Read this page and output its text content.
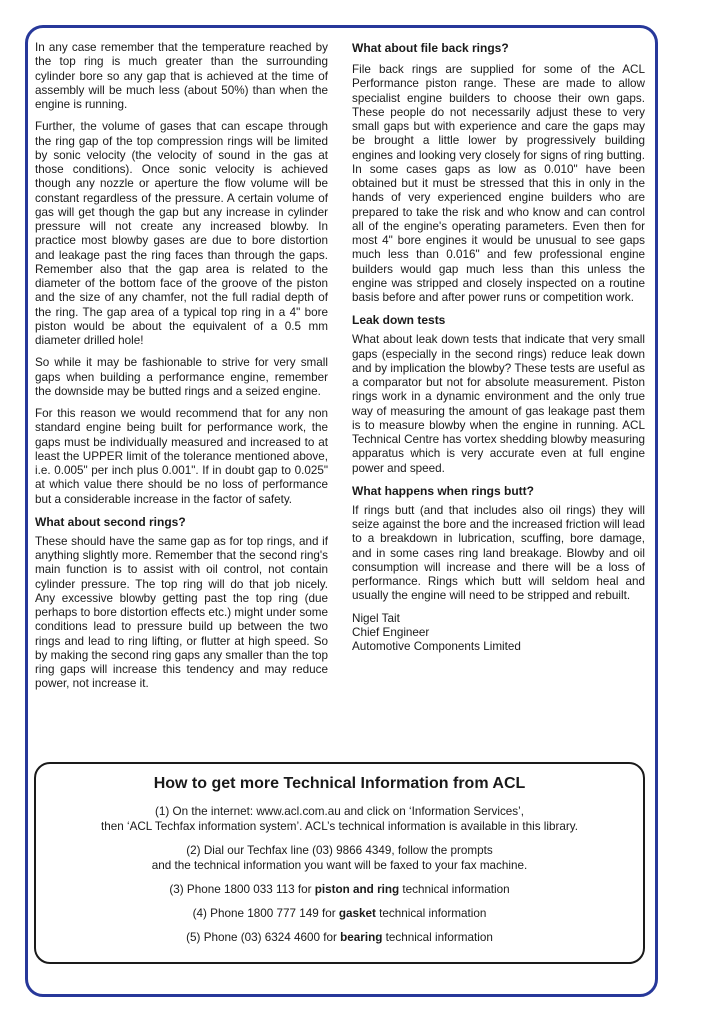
In any case remember that the temperature reached by the top ring is much greater than the surrounding cylinder bore so any gap that is achieved at the time of assembly will be much less (about 50%) than when the engine is running.

Further, the volume of gases that can escape through the ring gap of the top compression rings will be limited by sonic velocity (the velocity of sound in the gas at those conditions). Once sonic velocity is achieved though any nozzle or aperture the flow volume will be constant regardless of the pressure. A certain volume of gas will get though the gap but any increase in cylinder pressure will not create any increased blowby. In practice most blowby gases are due to bore distortion and leakage past the ring faces than through the gaps. Remember also that the gap area is related to the diameter of the bottom face of the groove of the piston and the size of any chamfer, not the full radial depth of the ring. The gap area of a typical top ring in a 4" bore piston would be about the equivalent of a 0.5 mm diameter drilled hole!

So while it may be fashionable to strive for very small gaps when building a performance engine, remember the downside may be butted rings and a seized engine.

For this reason we would recommend that for any non standard engine being built for performance work, the gaps must be individually measured and increased to at least the UPPER limit of the tolerance mentioned above, i.e. 0.005" per inch plus 0.001". If in doubt gap to 0.025" at which value there should be no loss of performance but a considerable increase in the factor of safety.

What about second rings?

These should have the same gap as for top rings, and if anything slightly more. Remember that the second ring's main function is to assist with oil control, not contain cylinder pressure. The top ring will do that job nicely. Any excessive blowby getting past the top ring (due perhaps to bore distortion effects etc.) might under some conditions lead to pressure build up between the two rings and lead to ring lifting, or flutter at high speed. So by making the second ring gaps any smaller than the top ring gaps will increase this tendency and may reduce power, not increase it.

What about file back rings?

File back rings are supplied for some of the ACL Performance piston range. These are made to allow specialist engine builders to choose their own gaps. These people do not necessarily adjust these to very small gaps but with experience and care the gaps may be brought a little lower by progressively building engines and looking very closely for signs of ring butting. In some cases gaps as low as 0.010" have been obtained but it must be stressed that this in only in the hands of very experienced engine builders who are prepared to take the risk and who know and can control all of the engine's operating parameters. Even then for most 4" bore engines it would be unusual to see gaps much less than 0.016" and few professional engine builders would gap much less than this unless the engine was stripped and closely inspected on a routine basis before and after power runs or competition work.

Leak down tests

What about leak down tests that indicate that very small gaps (especially in the second rings) reduce leak down and by implication the blowby? These tests are useful as a comparator but not for absolute measurement. Piston rings work in a dynamic environment and the only true way of measuring the amount of gas leakage past them is to measure blowby when the engine in running. ACL Technical Centre has vortex shedding blowby measuring apparatus which is very accurate even at full engine power and speed.

What happens when rings butt?

If rings butt (and that includes also oil rings) they will seize against the bore and the increased friction will lead to a breakdown in lubrication, scuffing, bore damage, and in some cases ring land breakage. Blowby and oil consumption will increase and there will be a loss of performance. Rings which butt will seldom heal and usually the engine will need to be stripped and rebuilt.

Nigel Tait
Chief Engineer
Automotive Components Limited
How to get more Technical Information from ACL
(1) On the internet: www.acl.com.au and click on ‘Information Services’,
then ‘ACL Techfax information system’. ACL’s technical information is available in this library.
(2) Dial our Techfax line (03) 9866 4349, follow the prompts
and the technical information you want will be faxed to your fax machine.
(3) Phone 1800 033 113 for piston and ring technical information
(4) Phone 1800 777 149 for gasket technical information
(5) Phone (03) 6324 4600 for bearing technical information
